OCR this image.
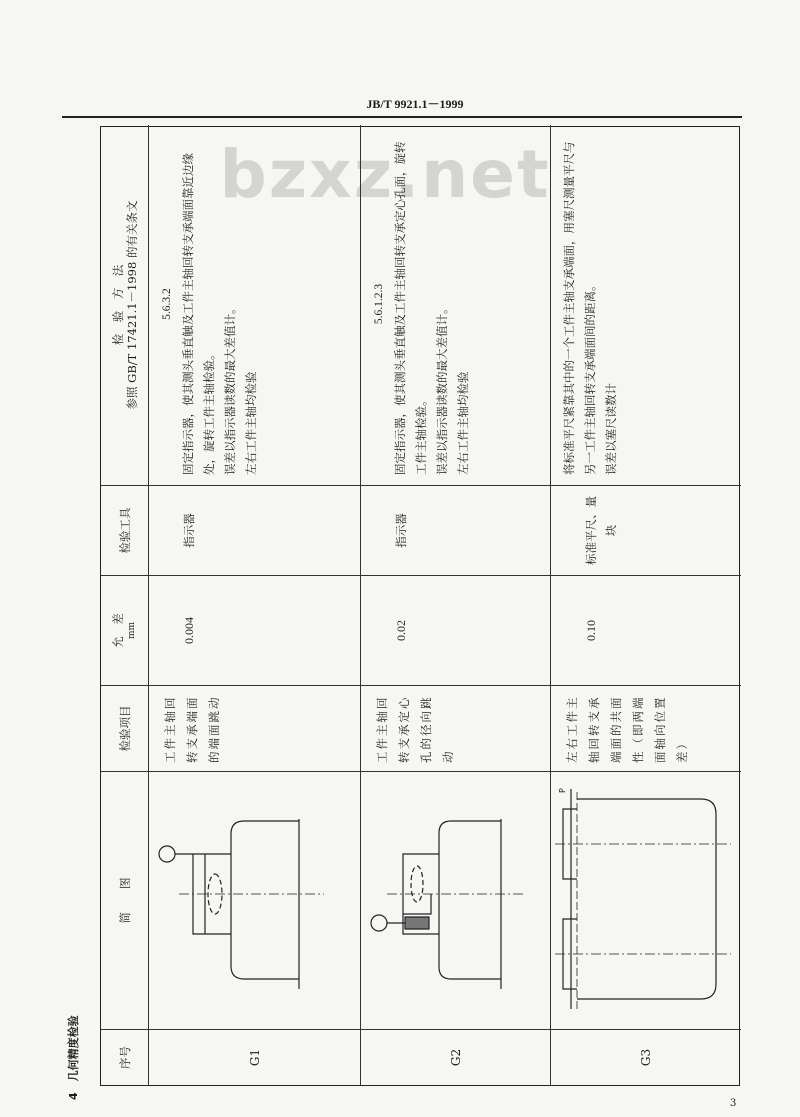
JB/T 9921.1－1999
bzxz.net
4　几何精度检验	序号
简　　图
检验项目
允　差 mm
检验工具
检　验　方　法 参照 GB/T 17421.1－1998 的有关条文
G1
工件主轴回转支承端面的端面跳动
0.004
指示器
5.6.3.2 固定指示器，使其测头垂直触及工件主轴回转支承端面靠近边缘处，旋转工件主轴检验。 误差以指示器读数的最大差值计。 左右工件主轴均检验
G2
工件主轴回转支承定心孔的径向跳动
0.02
指示器
5.6.1.2.3 固定指示器，使其测头垂直触及工件主轴回转支承定心孔面，旋转工件主轴检验。 误差以指示器读数的最大差值计。 左右工件主轴均检验
G3
P
左右工件主轴回转支承端面的共面性（即两端面轴向位置差）
0.10
标准平尺、量　块
将标准平尺紧靠其中的一个工件主轴支承端面，用塞尺测量平尺与另一工件主轴回转支承端面间的距离。 误差以塞尺读数计
3
